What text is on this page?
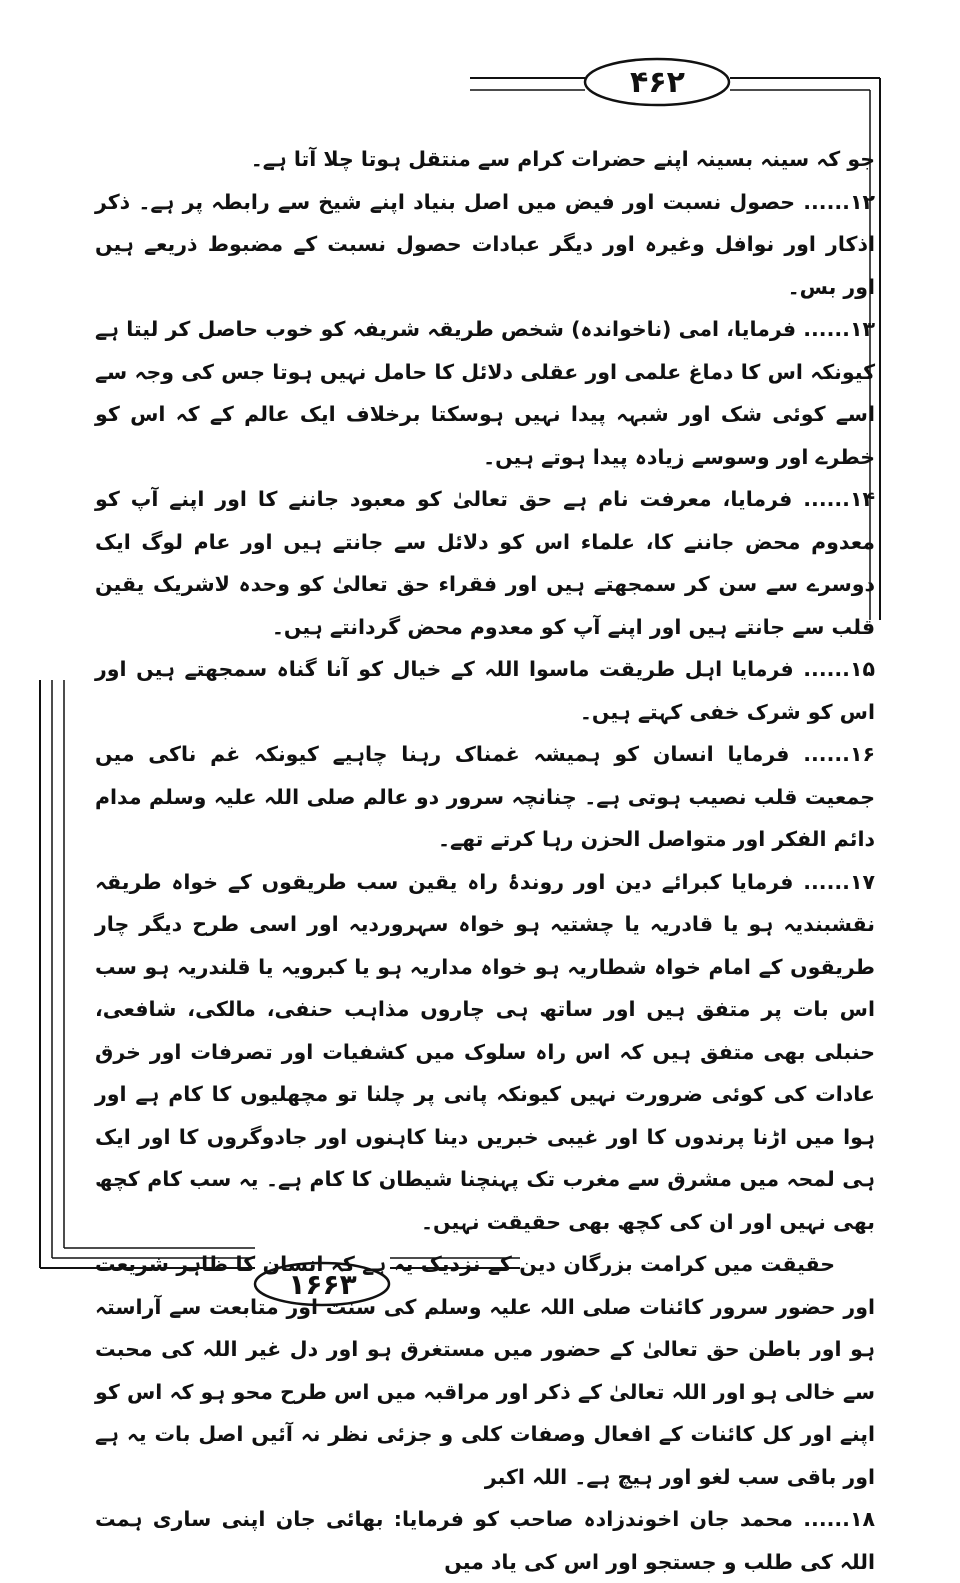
۴۶۲
۱۶۶۳

جو کہ سینہ بسینہ اپنے حضرات کرام سے منتقل ہوتا چلا آتا ہے۔

۱۲...... حصول نسبت اور فیض میں اصل بنیاد اپنے شیخ سے رابطہ پر ہے۔ ذکر اذکار اور نوافل وغیرہ اور دیگر عبادات حصول نسبت کے مضبوط ذریعے ہیں اور بس۔

۱۳...... فرمایا، امی (ناخواندہ) شخص طریقہ شریفہ کو خوب حاصل کر لیتا ہے کیونکہ اس کا دماغ علمی اور عقلی دلائل کا حامل نہیں ہوتا جس کی وجہ سے اسے کوئی شک اور شبہہ پیدا نہیں ہوسکتا برخلاف ایک عالم کے کہ اس کو خطرے اور وسوسے زیادہ پیدا ہوتے ہیں۔

۱۴...... فرمایا، معرفت نام ہے حق تعالیٰ کو معبود جاننے کا اور اپنے آپ کو معدوم محض جاننے کا، علماء اس کو دلائل سے جانتے ہیں اور عام لوگ ایک دوسرے سے سن کر سمجھتے ہیں اور فقراء حق تعالیٰ کو وحدہ لاشریک یقین قلب سے جانتے ہیں اور اپنے آپ کو معدوم محض گردانتے ہیں۔

۱۵...... فرمایا اہل طریقت ماسوا اللہ کے خیال کو آنا گناہ سمجھتے ہیں اور اس کو شرک خفی کہتے ہیں۔

۱۶...... فرمایا انسان کو ہمیشہ غمناک رہنا چاہیے کیونکہ غم ناکی میں جمعیت قلب نصیب ہوتی ہے۔ چنانچہ سرور دو عالم صلی اللہ علیہ وسلم مدام دائم الفکر اور متواصل الحزن رہا کرتے تھے۔

۱۷...... فرمایا کبرائے دین اور روندۂ راہ یقین سب طریقوں کے خواہ طریقہ نقشبندیہ ہو یا قادریہ یا چشتیہ ہو خواہ سہروردیہ اور اسی طرح دیگر چار طریقوں کے امام خواہ شطاریہ ہو خواہ مداریہ ہو یا کبرویہ یا قلندریہ ہو سب اس بات پر متفق ہیں اور ساتھ ہی چاروں مذاہب حنفی، مالکی، شافعی، حنبلی بھی متفق ہیں کہ اس راہ سلوک میں کشفیات اور تصرفات اور خرق عادات کی کوئی ضرورت نہیں کیونکہ پانی پر چلنا تو مچھلیوں کا کام ہے اور ہوا میں اڑنا پرندوں کا اور غیبی خبریں دینا کاہنوں اور جادوگروں کا اور ایک ہی لمحہ میں مشرق سے مغرب تک پہنچنا شیطان کا کام ہے۔ یہ سب کام کچھ بھی نہیں اور ان کی کچھ بھی حقیقت نہیں۔

حقیقت میں کرامت بزرگان دین کے نزدیک یہ ہے کہ انسان کا ظاہر شریعت اور حضور سرور کائنات صلی اللہ علیہ وسلم کی سنت اور متابعت سے آراستہ ہو اور باطن حق تعالیٰ کے حضور میں مستغرق ہو اور دل غیر اللہ کی محبت سے خالی ہو اور اللہ تعالیٰ کے ذکر اور مراقبہ میں اس طرح محو ہو کہ اس کو اپنے اور کل کائنات کے افعال وصفات کلی و جزئی نظر نہ آئیں اصل بات یہ ہے اور باقی سب لغو اور ہیچ ہے۔ اللہ اکبر

۱۸...... محمد جان اخوندزادہ صاحب کو فرمایا: بھائی جان اپنی ساری ہمت اللہ کی طلب و جستجو اور اس کی یاد میں
